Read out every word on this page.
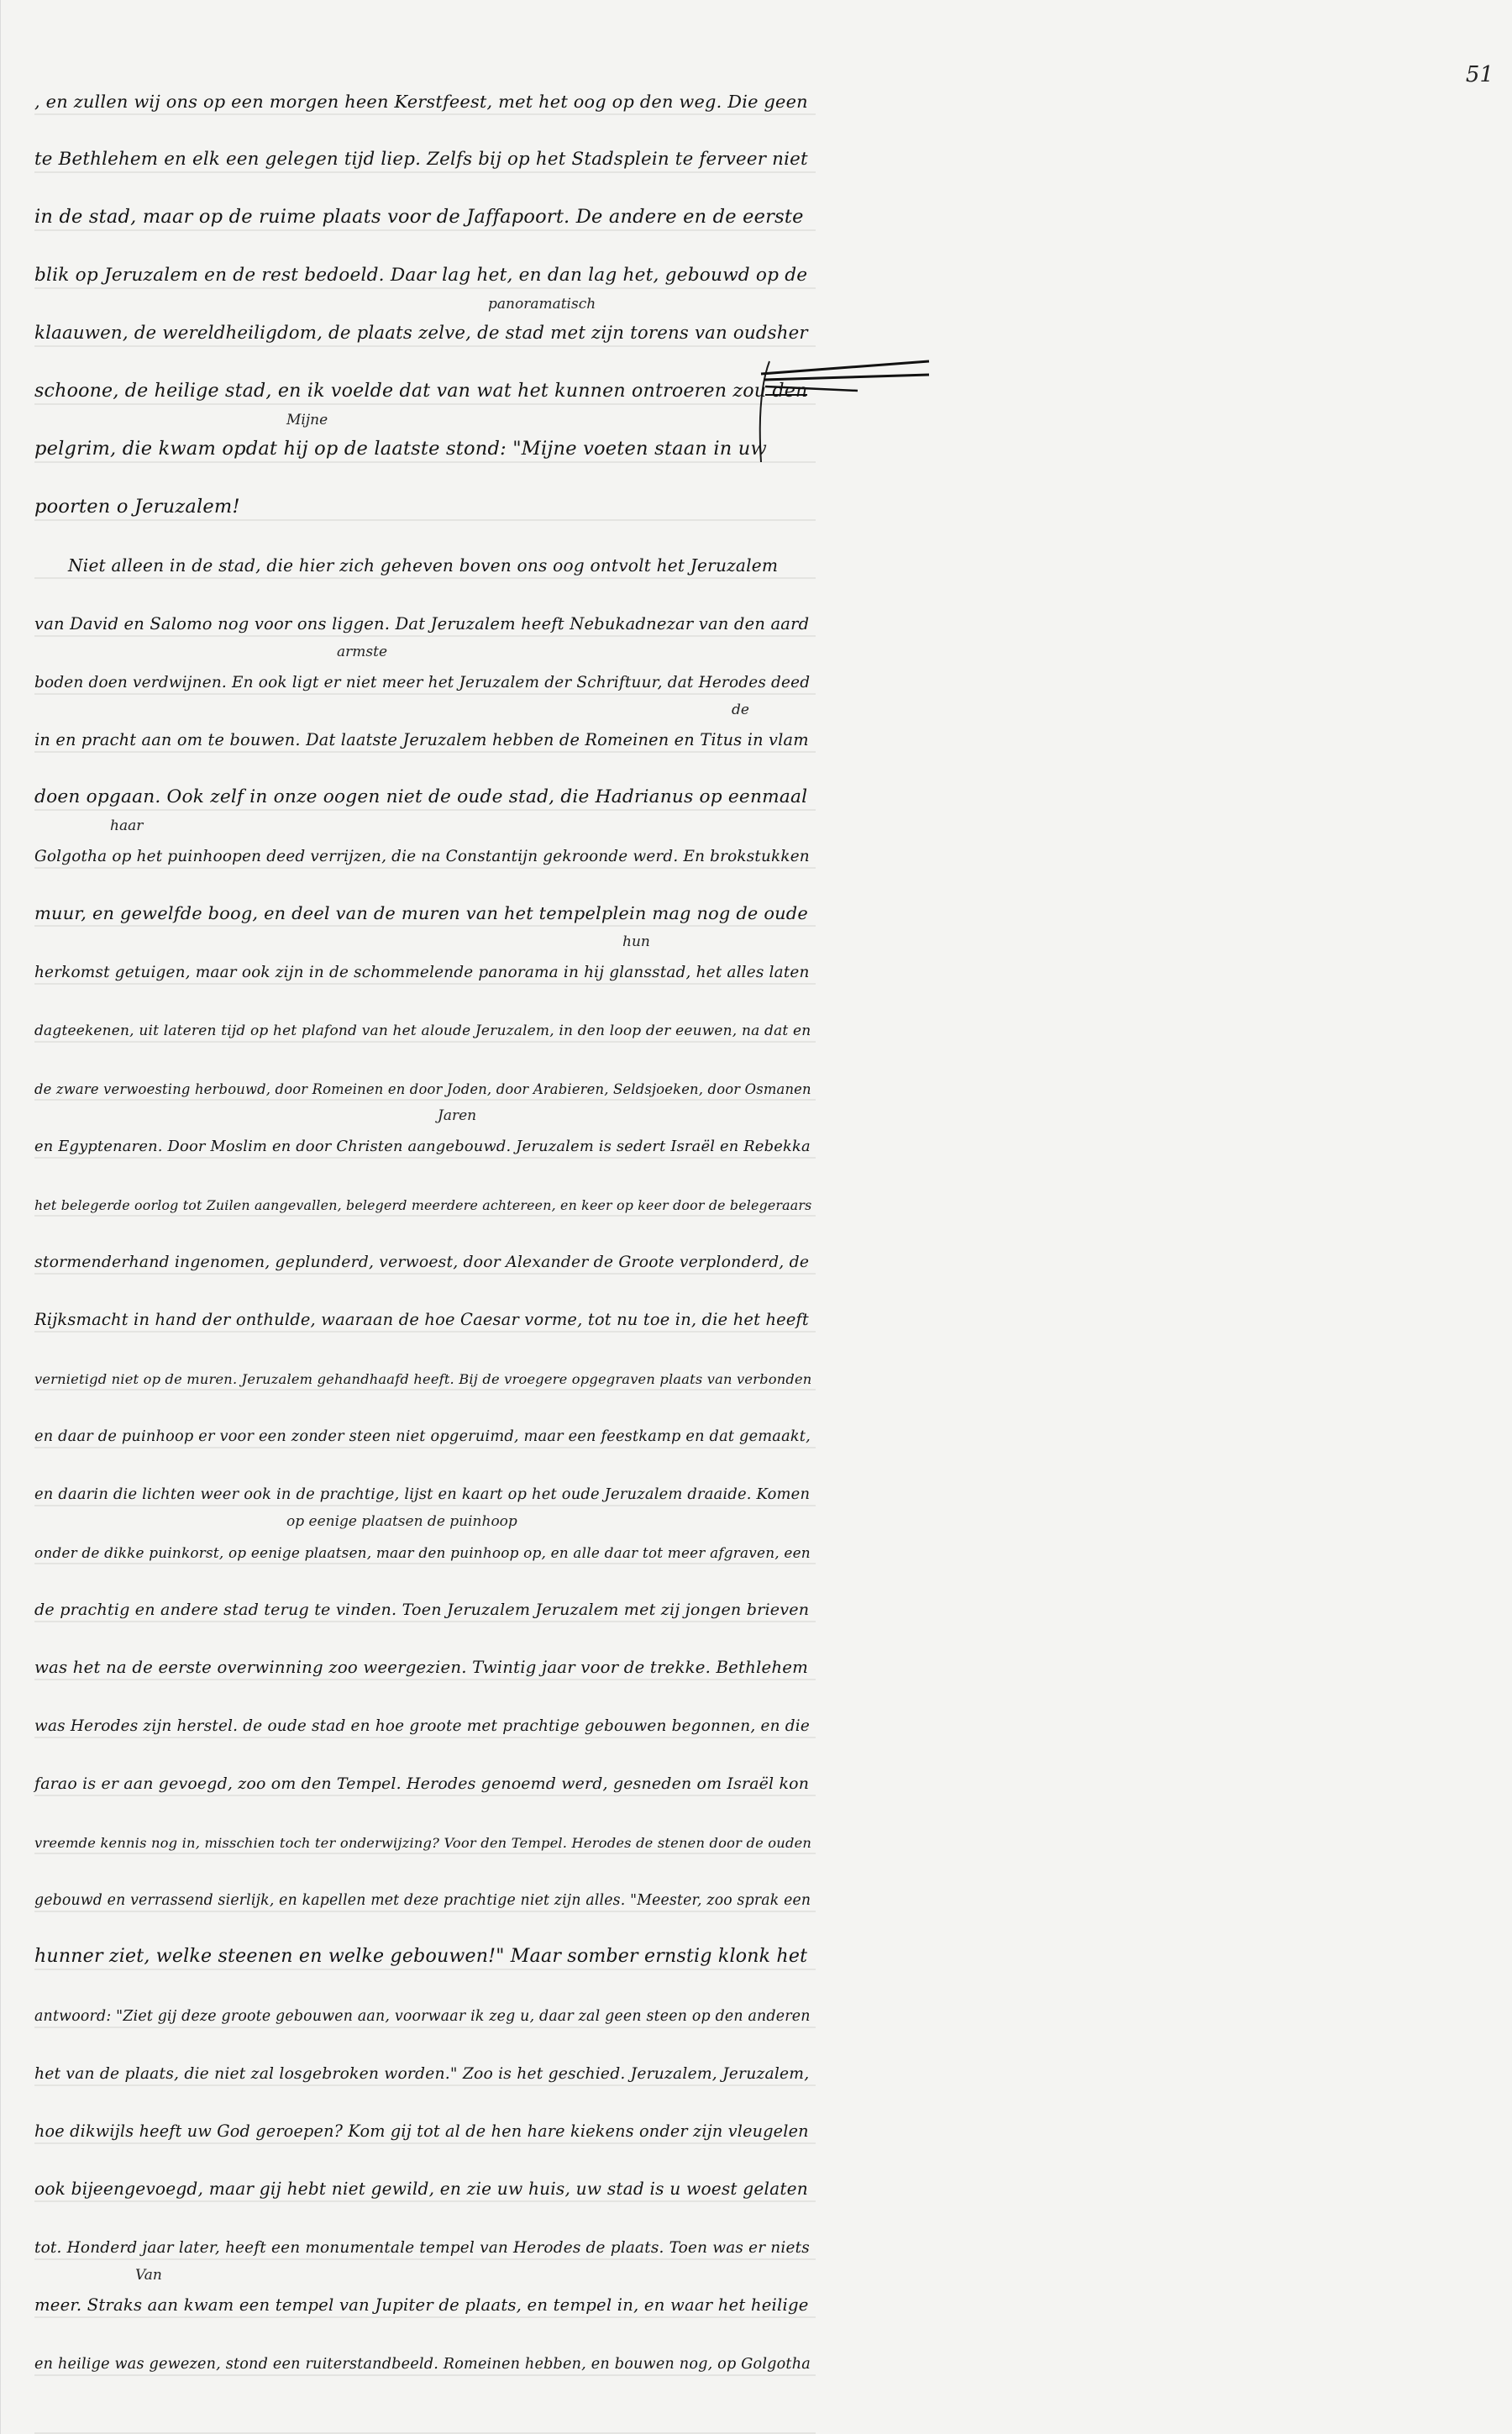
51
, en zullen wij ons op een morgen heen Kerstfeest, met het oog op den weg. Die geen
te Bethlehem en elk een gelegen tijd liep. Zelfs bij op het Stadsplein te ferveer niet
in de stad, maar op de ruime plaats voor de Jaffapoort. De andere en de eerste
blik op Jeruzalem en de rest bedoeld. Daar lag het, en dan lag het, gebouwd op de
panoramatisch
klaauwen, de wereldheiligdom, de plaats zelve, de stad met zijn torens van oudsher
schoone, de heilige stad, en ik voelde dat van wat het kunnen ontroeren zou den
Mijne
pelgrim, die kwam opdat hij op de laatste stond: "Mijne voeten staan in uw
poorten o Jeruzalem!
Niet alleen in de stad, die hier zich geheven boven ons oog ontvolt het Jeruzalem
van David en Salomo nog voor ons liggen. Dat Jeruzalem heeft Nebukadnezar van den aard
armste
boden doen verdwijnen. En ook ligt er niet meer het Jeruzalem der Schriftuur, dat Herodes deed
de
in en pracht aan om te bouwen. Dat laatste Jeruzalem hebben de Romeinen en Titus in vlam
doen opgaan. Ook zelf in onze oogen niet de oude stad, die Hadrianus op eenmaal
haar
Golgotha op het puinhoopen deed verrijzen, die na Constantijn gekroonde werd. En brokstukken
muur, en gewelfde boog, en deel van de muren van het tempelplein mag nog de oude
hun
herkomst getuigen, maar ook zijn in de schommelende panorama in hij glansstad, het alles laten
dagteekenen, uit lateren tijd op het plafond van het aloude Jeruzalem, in den loop der eeuwen, na dat en
de zware verwoesting herbouwd, door Romeinen en door Joden, door Arabieren, Seldsjoeken, door Osmanen
Jaren
en Egyptenaren. Door Moslim en door Christen aangebouwd. Jeruzalem is sedert Israël en Rebekka
het belegerde oorlog tot Zuilen aangevallen, belegerd meerdere achtereen, en keer op keer door de belegeraars
stormenderhand ingenomen, geplunderd, verwoest, door Alexander de Groote verplonderd, de
Rijksmacht in hand der onthulde, waaraan de hoe Caesar vorme, tot nu toe in, die het heeft
vernietigd niet op de muren. Jeruzalem gehandhaafd heeft. Bij de vroegere opgegraven plaats van verbonden
en daar de puinhoop er voor een zonder steen niet opgeruimd, maar een feestkamp en dat gemaakt,
en daarin die lichten weer ook in de prachtige, lijst en kaart op het oude Jeruzalem draaide. Komen
op eenige plaatsen de puinhoop
onder de dikke puinkorst, op eenige plaatsen, maar den puinhoop op, en alle daar tot meer afgraven, een
de prachtig en andere stad terug te vinden. Toen Jeruzalem Jeruzalem met zij jongen brieven
was het na de eerste overwinning zoo weergezien. Twintig jaar voor de trekke. Bethlehem
was Herodes zijn herstel. de oude stad en hoe groote met prachtige gebouwen begonnen, en die
farao is er aan gevoegd, zoo om den Tempel. Herodes genoemd werd, gesneden om Israël kon
vreemde kennis nog in, misschien toch ter onderwijzing? Voor den Tempel. Herodes de stenen door de ouden
gebouwd en verrassend sierlijk, en kapellen met deze prachtige niet zijn alles. "Meester, zoo sprak een
hunner ziet, welke steenen en welke gebouwen!" Maar somber ernstig klonk het
antwoord: "Ziet gij deze groote gebouwen aan, voorwaar ik zeg u, daar zal geen steen op den anderen
het van de plaats, die niet zal losgebroken worden." Zoo is het geschied. Jeruzalem, Jeruzalem,
hoe dikwijls heeft uw God geroepen? Kom gij tot al de hen hare kiekens onder zijn vleugelen
ook bijeengevoegd, maar gij hebt niet gewild, en zie uw huis, uw stad is u woest gelaten
tot. Honderd jaar later, heeft een monumentale tempel van Herodes de plaats. Toen was er niets
Van
meer. Straks aan kwam een tempel van Jupiter de plaats, en tempel in, en waar het heilige
en heilige was gewezen, stond een ruiterstandbeeld. Romeinen hebben, en bouwen nog, op Golgotha
